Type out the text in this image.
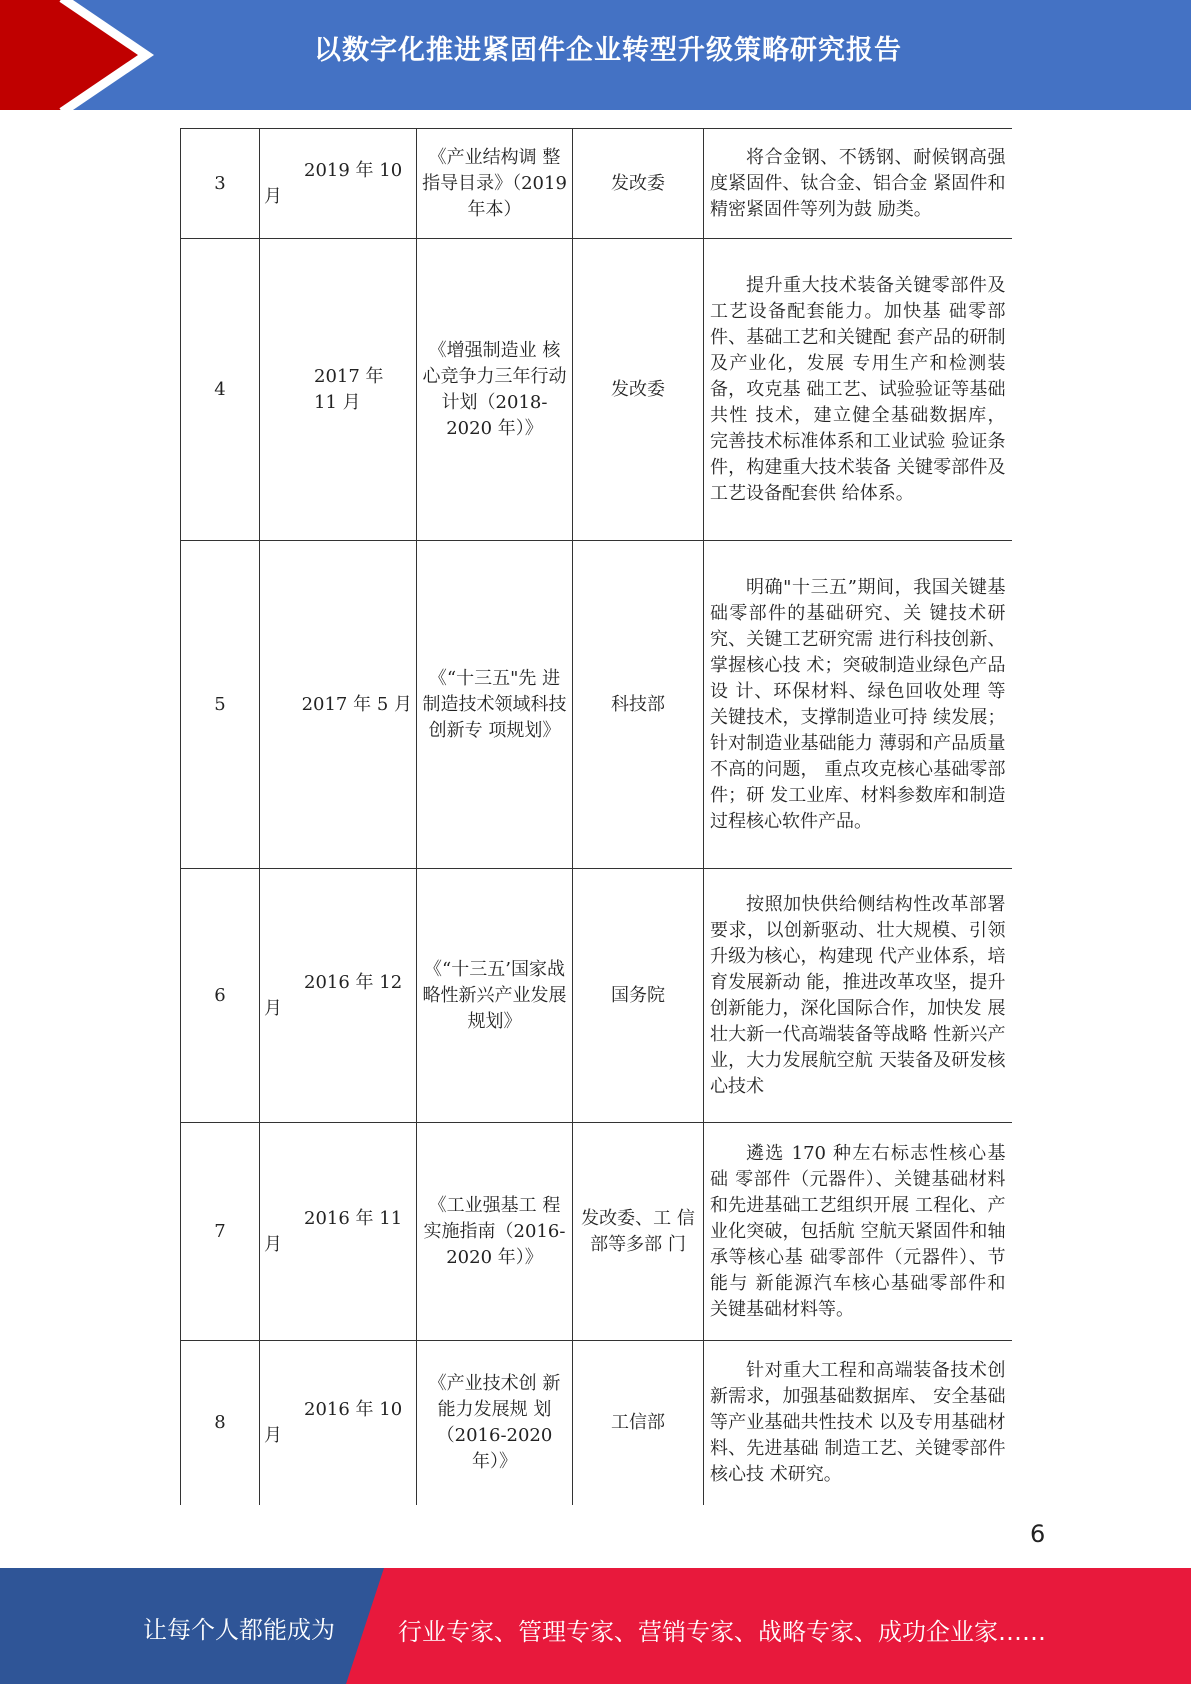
以数字化推进紧固件企业转型升级策略研究报告
3	2019 年 10 月	《产业结构调 整指导目录》（2019 年本）	发改委	将合金钢、不锈钢、耐候钢高强度紧固件、钛合金、铝合金 紧固件和精密紧固件等列为鼓 励类。

4	2017 年 11 月	《增强制造业 核心竞争力三年行动计划（2018-2020 年）》	发改委	提升重大技术装备关键零部件及工艺设备配套能力。加快基 础零部件、基础工艺和关键配 套产品的研制及产业化，发展 专用生产和检测装备，攻克基 础工艺、试验验证等基础共性 技术，建立健全基础数据库， 完善技术标准体系和工业试验 验证条件，构建重大技术装备 关键零部件及工艺设备配套供 给体系。

5	2017 年 5 月	《“十三五"先 进制造技术领域科技创新专 项规划》	科技部	明确"十三五”期间，我国关键基础零部件的基础研究、关 键技术研究、关键工艺研究需 进行科技创新、掌握核心技 术；突破制造业绿色产品设 计、环保材料、绿色回收处理 等关键技术，支撑制造业可持 续发展；针对制造业基础能力 薄弱和产品质量不高的问题， 重点攻克核心基础零部件；研 发工业库、材料参数库和制造 过程核心软件产品。

6	2016 年 12 月	《“十三五’国家战略性新兴产业发展规划》	国务院	按照加快供给侧结构性改革部署要求，以创新驱动、壮大规模、引领升级为核心，构建现 代产业体系，培育发展新动 能，推进改革攻坚，提升创新能力，深化国际合作，加快发 展壮大新一代高端装备等战略 性新兴产业，大力发展航空航 天装备及研发核心技术

7	2016 年 11 月	《工业强基工 程实施指南（2016-2020 年）》	发改委、工 信部等多部 门	遴选 170 种左右标志性核心基础 零部件（元器件）、关键基础材料和先进基础工艺组织开展 工程化、产业化突破，包括航 空航天紧固件和轴承等核心基 础零部件（元器件）、节能与 新能源汽车核心基础零部件和 关键基础材料等。

8	2016 年 10 月	《产业技术创 新能力发展规 划（2016-2020 年）》	工信部	针对重大工程和高端装备技术创新需求，加强基础数据库、 安全基础等产业基础共性技术 以及专用基础材料、先进基础 制造工艺、关键零部件核心技 术研究。
6
让每个人都能成为	行业专家、管理专家、营销专家、战略专家、成功企业家……
